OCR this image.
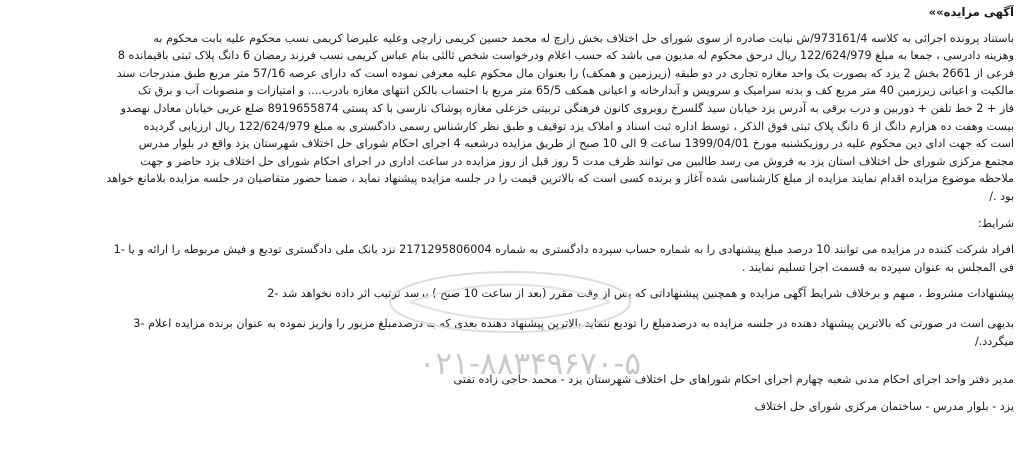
آگهی مزایده»»
باستناد پرونده اجرائی به کلاسه 973161/4/ش نیابت صادره از سوی شورای حل اختلاف بخش زارچ له محمد حسین کریمی زارچی وعلیه علیرضا کریمی نسب محکوم علیه بابت محکوم به
وهزینه دادرسی ، جمعا به مبلغ 122/624/979 ریال درحق محکوم له مدیون می باشد که حسب اعلام ودرخواست شخص ثالثی بنام عباس کریمی نسب فرزند رمضان 6 دانگ پلاک ثبتی باقیمانده 8
فرعی از 2661 بخش 2 یزد که بصورت یک واحد مغازه تجاری در دو طبقه (زیرزمین و همکف) را بعنوان مال محکوم علیه معرفی نموده است که دارای عرصه 57/16 متر مربع طبق مندرجات سند
مالکیت و اعیانی زیرزمین 40 متر مربع کف و بدنه سرامیک و سرویس و آبدارخانه و اعیانی همکف 65/5 متر مربع با احتساب بالکن انتهای مغازه بادرب.... و امتیازات و منصوبات آب و برق تک
فاز + 2 خط تلفن + دوربین و درب برقی به آدرس یزد خیابان سید گلسرخ روبروی کانون فرهنگی تربیتی خزعلی مغازه پوشاک نارسی با کد پستی 8919655874 ضلع غربی خیابان معادل نهصدو
بیست وهفت ده هزارم دانگ از 6 دانگ پلاک ثبتی فوق الذکر ، توسط اداره ثبت اسناد و املاک یزد توقیف و طبق نظر کارشناس رسمی دادگستری به مبلغ 122/624/979 ریال ارزیابی گردیده
است که جهت ادای دین محکوم علیه در روزیکشنبه مورخ 1399/04/01 ساعت 9 الی 10 صبح از طریق مزایده درشعبه 4 اجرای احکام شورای حل اختلاف شهرستان یزد واقع در بلوار مدرس
مجتمع مرکزی شورای حل اختلاف استان یزد به فروش می رسد طالبین می توانند ظرف مدت 5 روز قبل از روز مزایده در ساعت اداری در اجرای احکام شورای حل اختلاف یزد حاضر و جهت
ملاحظه موضوع مزایده اقدام نمایند مزایده از مبلغ کارشناسی شده آغاز و برنده کسی است که بالاترین قیمت را در جلسه مزایده پیشنهاد نماید ، ضمنا حضور متقاضیان در جلسه مزایده بلامانع خواهد
بود ./
شرایط:
افراد شرکت کننده در مزایده می توانند 10 درصد مبلغ پیشنهادی را به شماره حساب سپرده دادگستری به شماره 2171295806004 نزد بانک ملی دادگستری تودیع و فیش مربوطه را ارائه و یا -1
فی المجلس به عنوان سپرده به قسمت اجرا تسلیم نمایند .
پیشنهادات مشروط ، مبهم و برخلاف شرایط آگهی مزایده و همچنین پیشنهاداتی که پس از وقت مقرر (بعد از ساعت 10 صبح ) برسد ترتیب اثر داده نخواهد شد -2
بدیهی است در صورتی که بالاترین پیشنهاد دهنده در جلسه مزایده به درصدمبلغ را تودیع ننماید بالاترین پیشنهاد دهنده بعدی که به درصدمبلغ مزبور را واریز نموده به عنوان برنده مزایده اعلام -3
میگردد./
مدیر دفتر واحد اجرای احکام مدنی شعبه چهارم اجرای احکام شوراهای حل اختلاف شهرستان یزد - محمد حاجی زاده تفتی
یزد - بلوار مدرس - ساختمان مرکزی شورای حل اختلاف
۰۲۱-۸۸۳۴۹۶۷۰-۵
